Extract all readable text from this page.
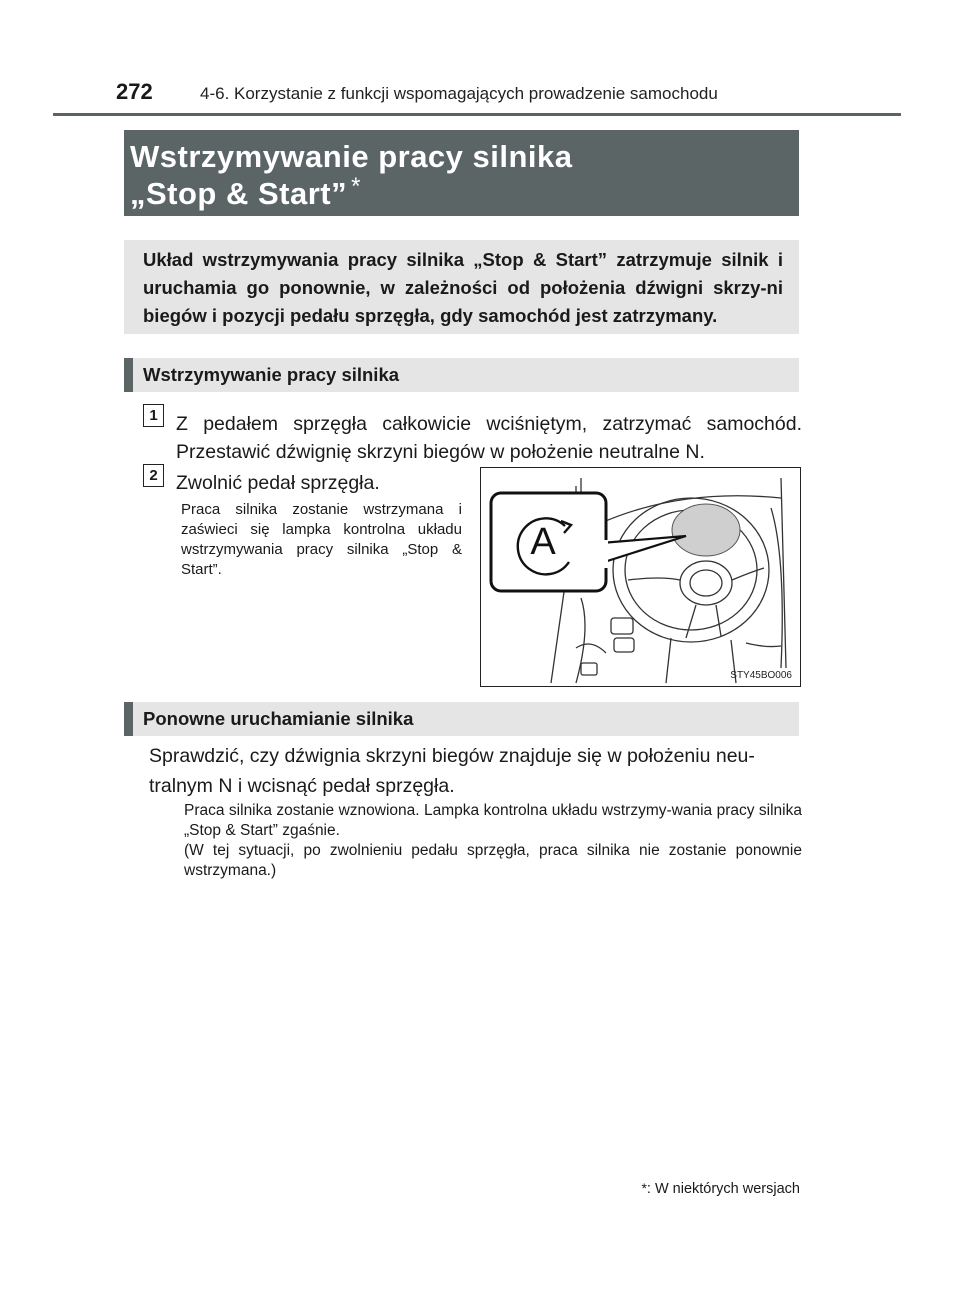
272	4-6. Korzystanie z funkcji wspomagających prowadzenie samochodu
Wstrzymywanie pracy silnika
„Stop & Start” *
Układ wstrzymywania pracy silnika „Stop & Start” zatrzymuje silnik i uruchamia go ponownie, w zależności od położenia dźwigni skrzy-ni biegów i pozycji pedału sprzęgła, gdy samochód jest zatrzymany.
Wstrzymywanie pracy silnika
1 Z pedałem sprzęgła całkowicie wciśniętym, zatrzymać samochód. Przestawić dźwignię skrzyni biegów w położenie neutralne N.
2 Zwolnić pedał sprzęgła.
Praca silnika zostanie wstrzymana i zaświeci się lampka kontrolna układu wstrzymywania pracy silnika „Stop & Start”.
A
STY45BO006
Ponowne uruchamianie silnika
Sprawdzić, czy dźwignia skrzyni biegów znajduje się w położeniu neu-tralnym N i wcisnąć pedał sprzęgła.
Praca silnika zostanie wznowiona. Lampka kontrolna układu wstrzymy-wania pracy silnika „Stop & Start” zgaśnie.
(W tej sytuacji, po zwolnieniu pedału sprzęgła, praca silnika nie zostanie ponownie wstrzymana.)
*: W niektórych wersjach
